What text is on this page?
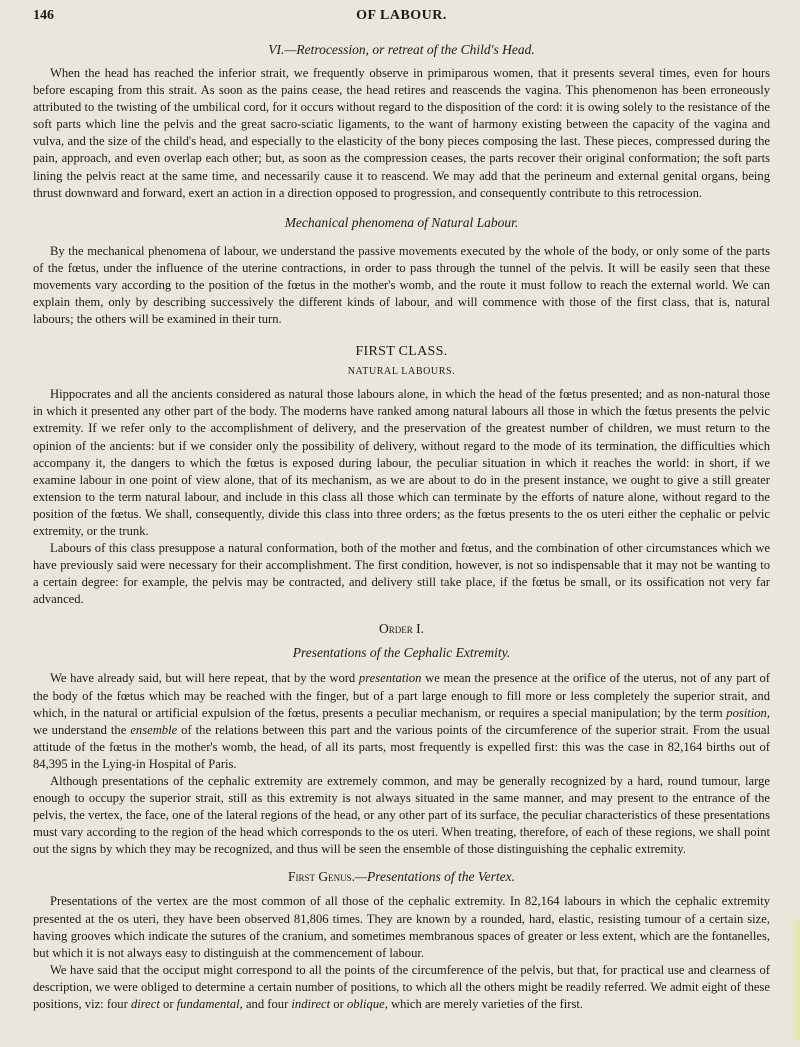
146	OF LABOUR.
VI.—Retrocession, or retreat of the Child's Head.

When the head has reached the inferior strait, we frequently observe in primiparous women, that it presents several times, even for hours before escaping from this strait. As soon as the pains cease, the head retires and reascends the vagina. This phenomenon has been erroneously attributed to the twisting of the umbilical cord, for it occurs without regard to the disposition of the cord: it is owing solely to the resistance of the soft parts which line the pelvis and the great sacro-sciatic ligaments, to the want of harmony existing between the capacity of the vagina and vulva, and the size of the child's head, and especially to the elasticity of the bony pieces composing the last. These pieces, compressed during the pain, approach, and even overlap each other; but, as soon as the compression ceases, the parts recover their original conformation; the soft parts lining the pelvis react at the same time, and necessarily cause it to reascend. We may add that the perineum and external genital organs, being thrust downward and forward, exert an action in a direction opposed to progression, and consequently contribute to this retrocession.

Mechanical phenomena of Natural Labour.

By the mechanical phenomena of labour, we understand the passive movements executed by the whole of the body, or only some of the parts of the fœtus, under the influence of the uterine contractions, in order to pass through the tunnel of the pelvis. It will be easily seen that these movements vary according to the position of the fœtus in the mother's womb, and the route it must follow to reach the external world. We can explain them, only by describing successively the different kinds of labour, and will commence with those of the first class, that is, natural labours; the others will be examined in their turn.

FIRST CLASS.
NATURAL LABOURS.

Hippocrates and all the ancients considered as natural those labours alone, in which the head of the fœtus presented; and as non-natural those in which it presented any other part of the body. The moderns have ranked among natural labours all those in which the fœtus presents the pelvic extremity. If we refer only to the accomplishment of delivery, and the preservation of the greatest number of children, we must return to the opinion of the ancients: but if we consider only the possibility of delivery, without regard to the mode of its termination, the difficulties which accompany it, the dangers to which the fœtus is exposed during labour, the peculiar situation in which it reaches the world: in short, if we examine labour in one point of view alone, that of its mechanism, as we are about to do in the present instance, we ought to give a still greater extension to the term natural labour, and include in this class all those which can terminate by the efforts of nature alone, without regard to the position of the fœtus. We shall, consequently, divide this class into three orders; as the fœtus presents to the os uteri either the cephalic or pelvic extremity, or the trunk.

Labours of this class presuppose a natural conformation, both of the mother and fœtus, and the combination of other circumstances which we have previously said were necessary for their accomplishment. The first condition, however, is not so indispensable that it may not be wanting to a certain degree: for example, the pelvis may be contracted, and delivery still take place, if the fœtus be small, or its ossification not very far advanced.

Order I.
Presentations of the Cephalic Extremity.

We have already said, but will here repeat, that by the word presentation we mean the presence at the orifice of the uterus, not of any part of the body of the fœtus which may be reached with the finger, but of a part large enough to fill more or less completely the superior strait, and which, in the natural or artificial expulsion of the fœtus, presents a peculiar mechanism, or requires a special manipulation; by the term position, we understand the ensemble of the relations between this part and the various points of the circumference of the superior strait. From the usual attitude of the fœtus in the mother's womb, the head, of all its parts, most frequently is expelled first: this was the case in 82,164 births out of 84,395 in the Lying-in Hospital of Paris.

Although presentations of the cephalic extremity are extremely common, and may be generally recognized by a hard, round tumour, large enough to occupy the superior strait, still as this extremity is not always situated in the same manner, and may present to the entrance of the pelvis, the vertex, the face, one of the lateral regions of the head, or any other part of its surface, the peculiar characteristics of these presentations must vary according to the region of the head which corresponds to the os uteri. When treating, therefore, of each of these regions, we shall point out the signs by which they may be recognized, and thus will be seen the ensemble of those distinguishing the cephalic extremity.

First Genus.—Presentations of the Vertex.

Presentations of the vertex are the most common of all those of the cephalic extremity. In 82,164 labours in which the cephalic extremity presented at the os uteri, they have been observed 81,806 times. They are known by a rounded, hard, elastic, resisting tumour of a certain size, having grooves which indicate the sutures of the cranium, and sometimes membranous spaces of greater or less extent, which are the fontanelles, but which it is not always easy to distinguish at the commencement of labour.

We have said that the occiput might correspond to all the points of the circumference of the pelvis, but that, for practical use and clearness of description, we were obliged to determine a certain number of positions, to which all the others might be readily referred. We admit eight of these positions, viz: four direct or fundamental, and four indirect or oblique, which are merely varieties of the first.
